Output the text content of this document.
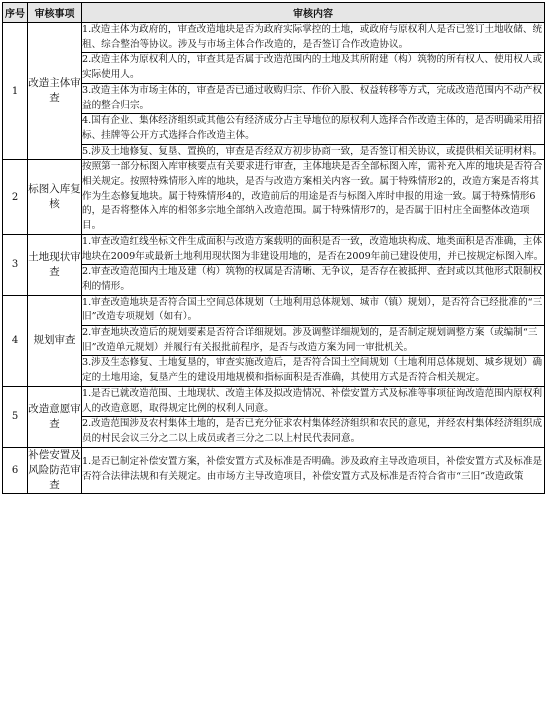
序号	审核事项	审核内容
1	改造主体审查	1.改造主体为政府的，审查改造地块是否为政府实际掌控的土地，或政府与原权利人是否已签订土地收储、统租、综合整治等协议。涉及与市场主体合作改造的，是否签订合作改造协议。
		2.改造主体为原权利人的，审查其是否属于改造范围内的土地及其所附建（构）筑物的所有权人、使用权人或实际使用人。
		3.改造主体为市场主体的，审查是否已通过收购归宗、作价入股、权益转移等方式，完成改造范围内不动产权益的整合归宗。
		4.国有企业、集体经济组织或其他公有经济成分占主导地位的原权利人选择合作改造主体的，是否明确采用招标、挂牌等公开方式选择合作改造主体。
		5.涉及土地修复、复垦、置换的，审查是否经双方初步协商一致，是否签订相关协议，或提供相关证明材料。
2	标图入库复核	按照第一部分标图入库审核要点有关要求进行审查，主体地块是否全部标图入库，需补充入库的地块是否符合相关规定。按照特殊情形入库的地块，是否与改造方案相关内容一致。属于特殊情形2的，改造方案是否将其作为生态修复地块。属于特殊情形4的，改造前后的用途是否与标图入库时申报的用途一致。属于特殊情形6的，是否将整体入库的相邻多宗地全部纳入改造范围。属于特殊情形7的，是否属于旧村庄全面整体改造项目。
3	土地现状审查	1.审查改造红线坐标文件生成面积与改造方案载明的面积是否一致，改造地块构成、地类面积是否准确，主体地块在2009年或最新土地利用现状图为非建设用地的，是否在2009年前已建设使用，并已按规定标图入库。
		2.审查改造范围内土地及建（构）筑物的权属是否清晰、无争议，是否存在被抵押、查封或以其他形式限制权利的情形。
4	规划审查	1.审查改造地块是否符合国土空间总体规划（土地利用总体规划、城市（镇）规划），是否符合已经批准的“三旧”改造专项规划（如有）。
		2.审查地块改造后的规划要素是否符合详细规划。涉及调整详细规划的，是否制定规划调整方案（或编制“三旧”改造单元规划）并履行有关报批前程序，是否与改造方案为同一审批机关。
		3.涉及生态修复、土地复垦的，审查实施改造后，是否符合国土空间规划（土地利用总体规划、城乡规划）确定的土地用途，复垦产生的建设用地规模和指标面积是否准确，其使用方式是否符合相关规定。
5	改造意愿审查	1.是否已就改造范围、土地现状、改造主体及拟改造情况、补偿安置方式及标准等事项征询改造范围内原权利人的改造意愿，取得规定比例的权利人同意。
		2.改造范围涉及农村集体土地的，是否已充分征求农村集体经济组织和农民的意见，并经农村集体经济组织成员的村民会议三分之二以上成员或者三分之二以上村民代表同意。
6	补偿安置及风险防范审查	1.是否已制定补偿安置方案，补偿安置方式及标准是否明确。涉及政府主导改造项目，补偿安置方式及标准是否符合法律法规和有关规定。由市场方主导改造项目，补偿安置方式及标准是否符合省市“三旧”改造政策
